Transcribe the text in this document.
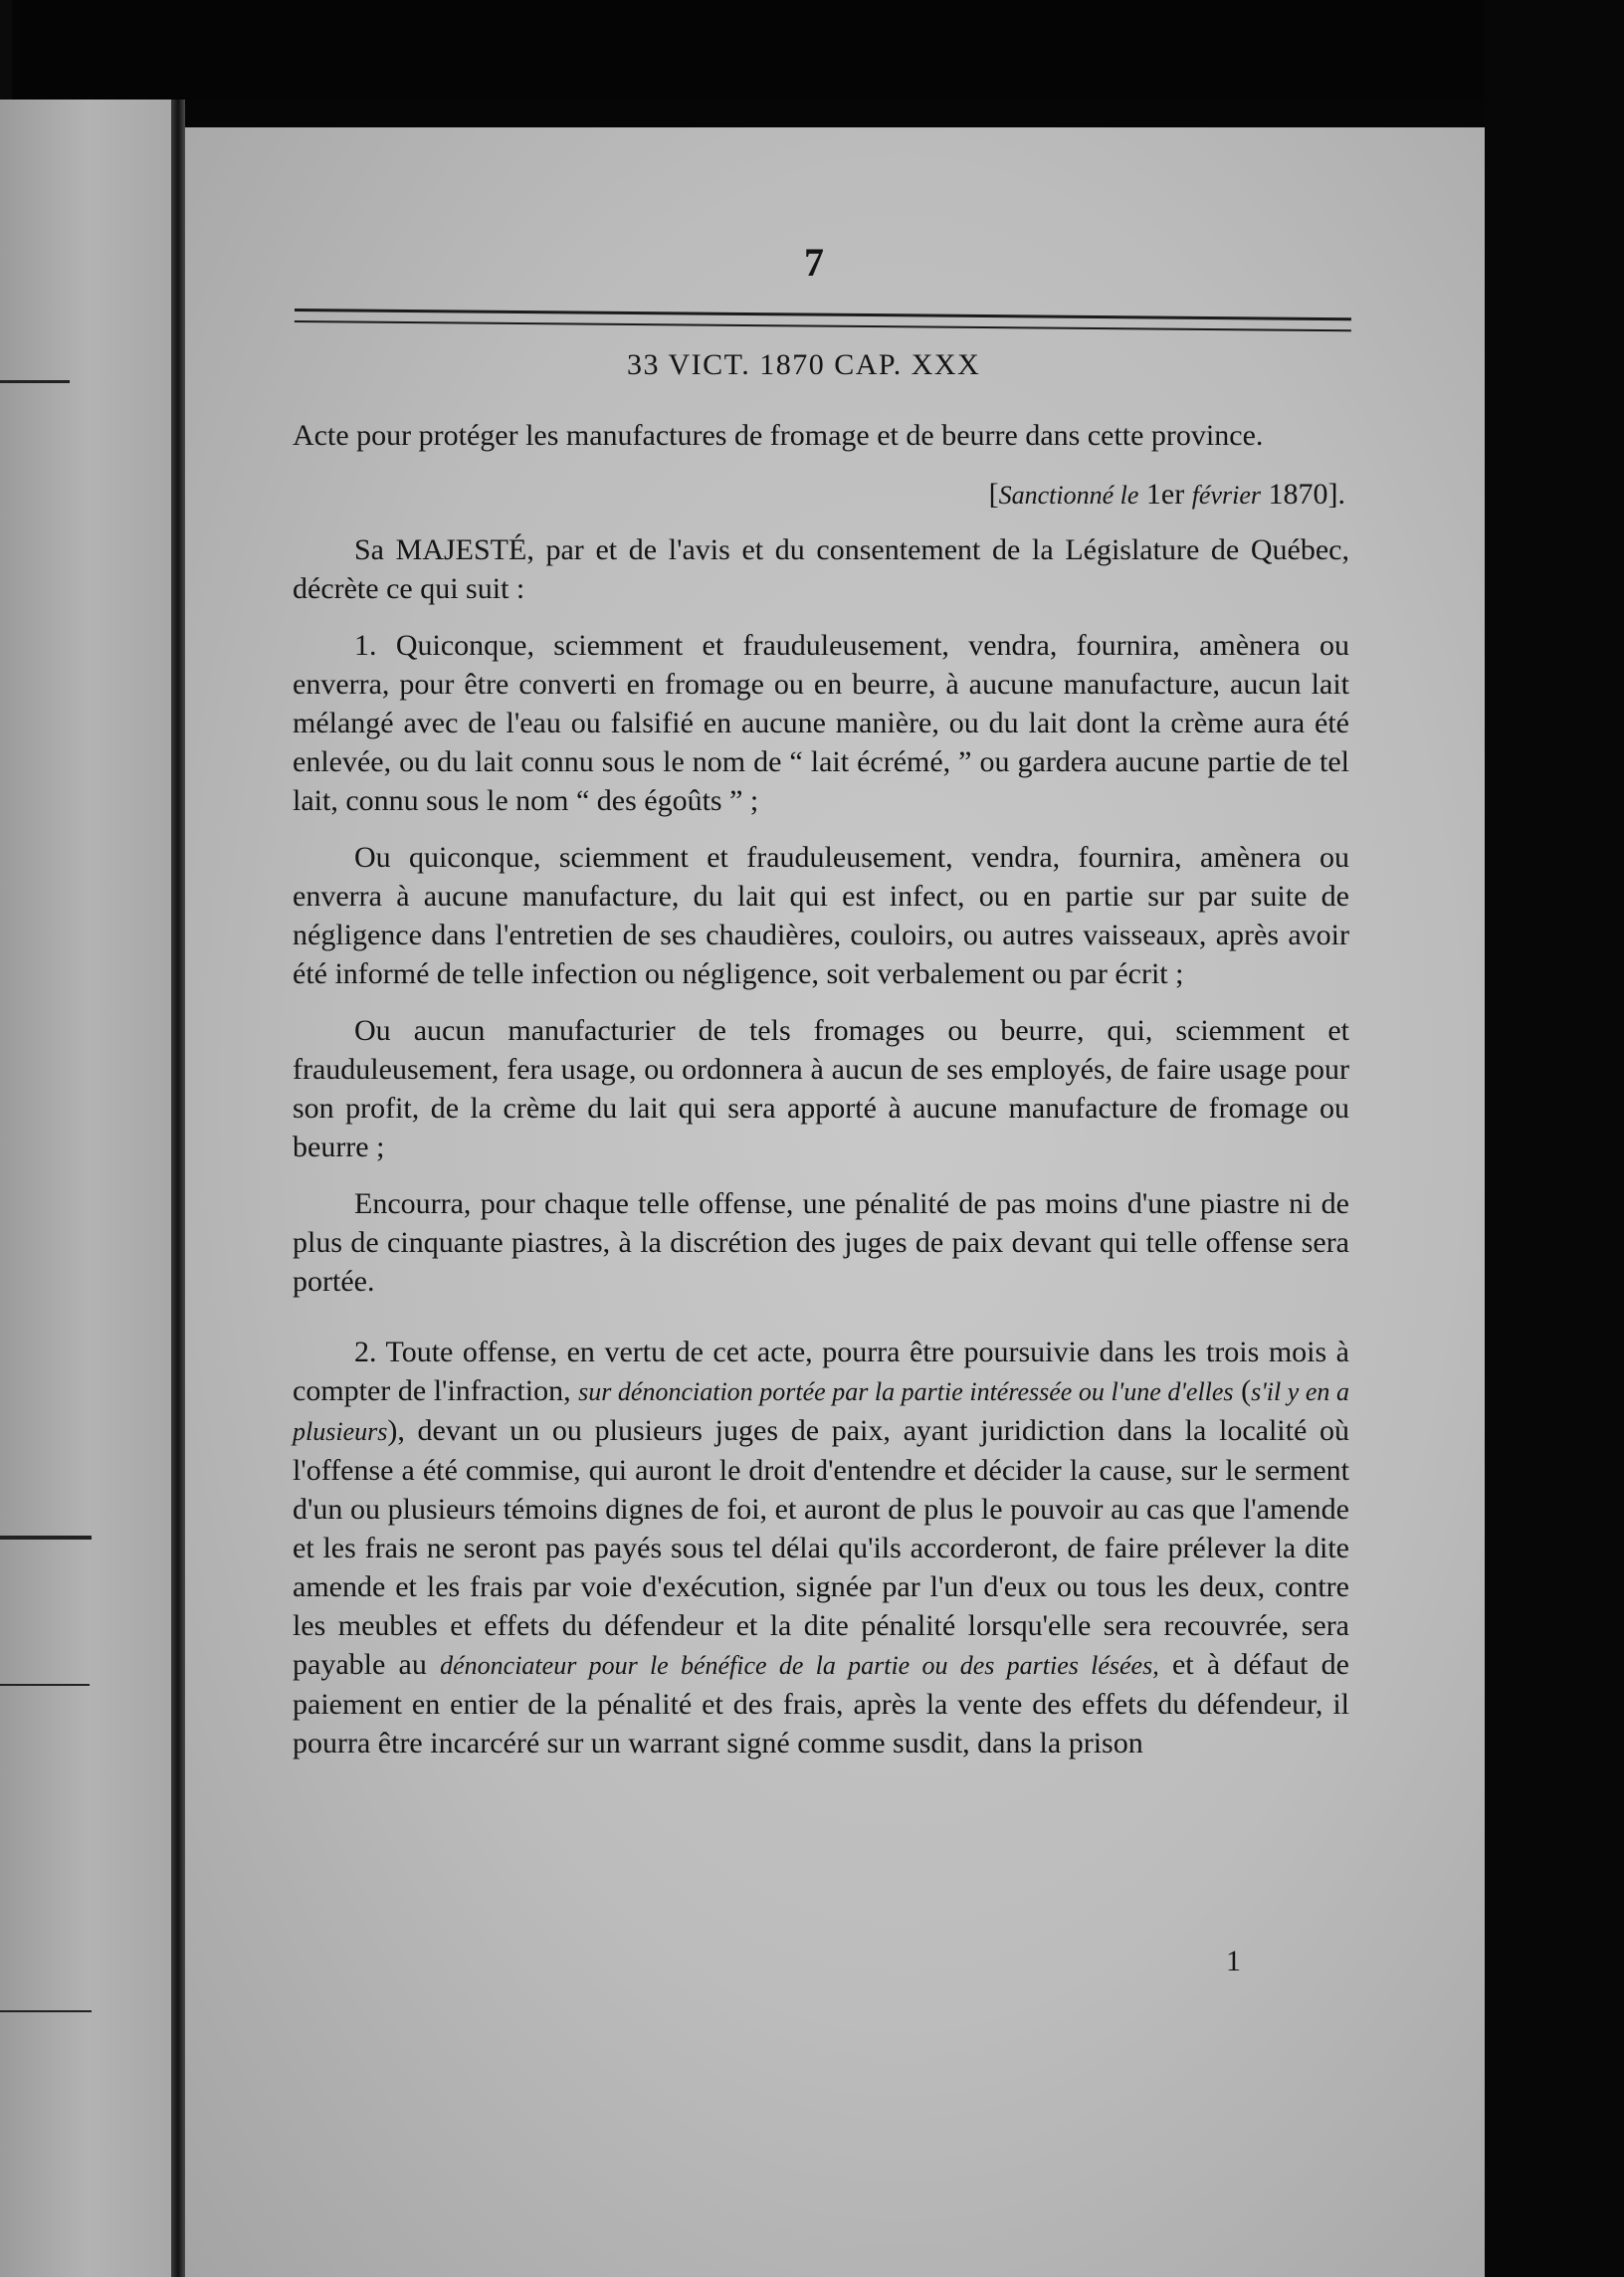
7
33 VICT. 1870 CAP. XXX

Acte pour protéger les manufactures de fromage et de beurre dans cette province.

[Sanctionné le 1er février 1870].

Sa MAJESTÉ, par et de l'avis et du consentement de la Législature de Québec, décrète ce qui suit :

1. Quiconque, sciemment et frauduleusement, vendra, fournira, amènera ou enverra, pour être converti en fromage ou en beurre, à aucune manufacture, aucun lait mélangé avec de l'eau ou falsifié en aucune manière, ou du lait dont la crème aura été enlevée, ou du lait connu sous le nom de “ lait écrémé, ” ou gardera aucune partie de tel lait, connu sous le nom “ des égoûts ” ;

Ou quiconque, sciemment et frauduleusement, vendra, fournira, amènera ou enverra à aucune manufacture, du lait qui est infect, ou en partie sur par suite de négligence dans l'entretien de ses chaudières, couloirs, ou autres vaisseaux, après avoir été informé de telle infection ou négligence, soit verbalement ou par écrit ;

Ou aucun manufacturier de tels fromages ou beurre, qui, sciemment et frauduleusement, fera usage, ou ordonnera à aucun de ses employés, de faire usage pour son profit, de la crème du lait qui sera apporté à aucune manufacture de fromage ou beurre ;

Encourra, pour chaque telle offense, une pénalité de pas moins d'une piastre ni de plus de cinquante piastres, à la discrétion des juges de paix devant qui telle offense sera portée.

2. Toute offense, en vertu de cet acte, pourra être poursuivie dans les trois mois à compter de l'infraction, sur dénonciation portée par la partie intéressée ou l'une d'elles (s'il y en a plusieurs), devant un ou plusieurs juges de paix, ayant juridiction dans la localité où l'offense a été commise, qui auront le droit d'entendre et décider la cause, sur le serment d'un ou plusieurs témoins dignes de foi, et auront de plus le pouvoir au cas que l'amende et les frais ne seront pas payés sous tel délai qu'ils accorderont, de faire prélever la dite amende et les frais par voie d'exécution, signée par l'un d'eux ou tous les deux, contre les meubles et effets du défendeur et la dite pénalité lorsqu'elle sera recouvrée, sera payable au dénonciateur pour le bénéfice de la partie ou des parties lésées, et à défaut de paiement en entier de la pénalité et des frais, après la vente des effets du défendeur, il pourra être incarcéré sur un warrant signé comme susdit, dans la prison

1
